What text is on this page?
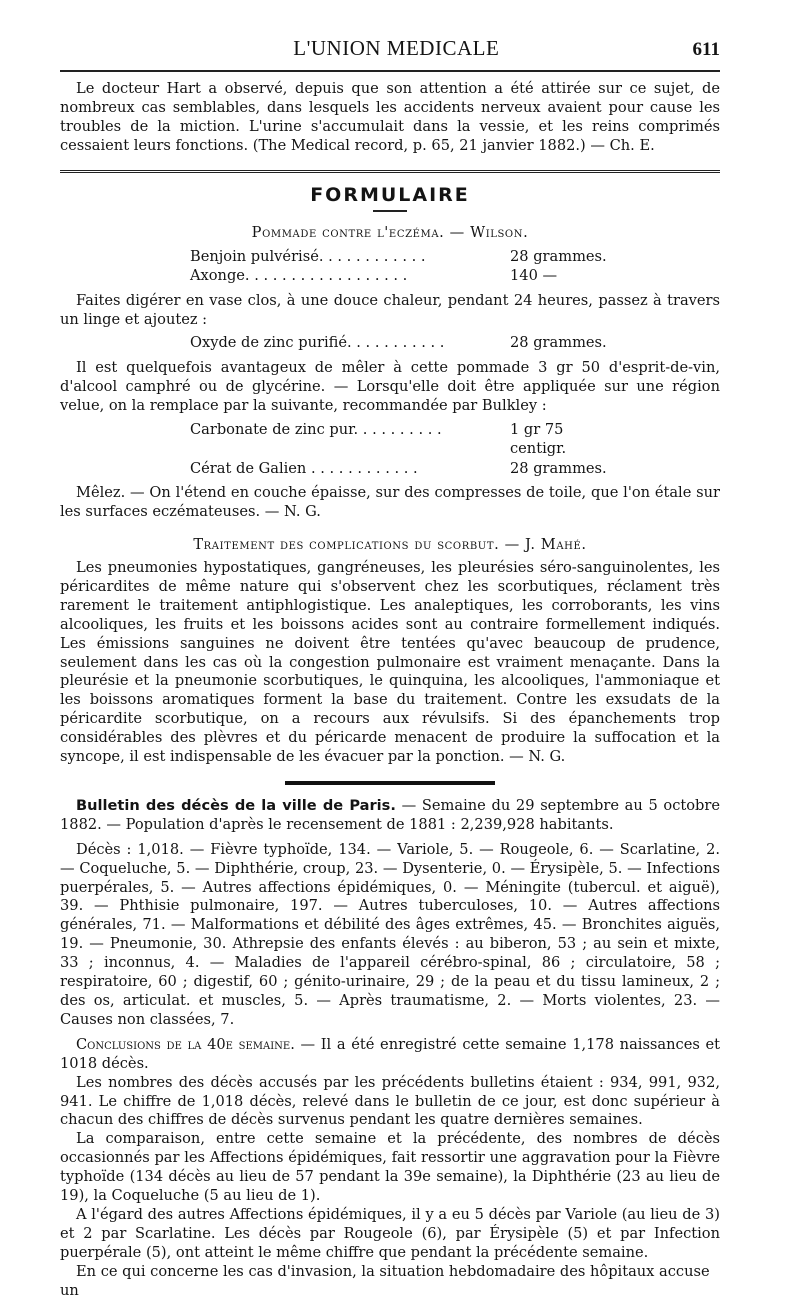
L'UNION MEDICALE	611

Le docteur Hart a observé, depuis que son attention a été attirée sur ce sujet, de nombreux cas semblables, dans lesquels les accidents nerveux avaient pour cause les troubles de la miction. L'urine s'accumulait dans la vessie, et les reins comprimés cessaient leurs fonctions. (The Medical record, p. 65, 21 janvier 1882.) — Ch. E.

FORMULAIRE
Pommade contre l'eczéma. — Wilson.
Benjoin pulvérisé. . . . . . . . . . . .	28 grammes.
Axonge. . . . . . . . . . . . . . . . . .	140 —

Faites digérer en vase clos, à une douce chaleur, pendant 24 heures, passez à travers un linge et ajoutez :

Oxyde de zinc purifié. . . . . . . . . . .	28 grammes.

Il est quelquefois avantageux de mêler à cette pommade 3 gr 50 d'esprit-de-vin, d'alcool camphré ou de glycérine. — Lorsqu'elle doit être appliquée sur une région velue, on la remplace par la suivante, recommandée par Bulkley :

Carbonate de zinc pur. . . . . . . . . .	1 gr 75 centigr.
Cérat de Galien . . . . . . . . . . . .	28 grammes.

Mêlez. — On l'étend en couche épaisse, sur des compresses de toile, que l'on étale sur les surfaces eczémateuses. — N. G.

Traitement des complications du scorbut. — J. Mahé.

Les pneumonies hypostatiques, gangréneuses, les pleurésies séro-sanguinolentes, les péricardites de même nature qui s'observent chez les scorbutiques, réclament très rarement le traitement antiphlogistique. Les analeptiques, les corroborants, les vins alcooliques, les fruits et les boissons acides sont au contraire formellement indiqués. Les émissions sanguines ne doivent être tentées qu'avec beaucoup de prudence, seulement dans les cas où la congestion pulmonaire est vraiment menaçante. Dans la pleurésie et la pneumonie scorbutiques, le quinquina, les alcooliques, l'ammoniaque et les boissons aromatiques forment la base du traitement. Contre les exsudats de la péricardite scorbutique, on a recours aux révulsifs. Si des épanchements trop considérables des plèvres et du péricarde menacent de produire la suffocation et la syncope, il est indispensable de les évacuer par la ponction. — N. G.

Bulletin des décès de la ville de Paris. — Semaine du 29 septembre au 5 octobre 1882. — Population d'après le recensement de 1881 : 2,239,928 habitants.

Décès : 1,018. — Fièvre typhoïde, 134. — Variole, 5. — Rougeole, 6. — Scarlatine, 2. — Coqueluche, 5. — Diphthérie, croup, 23. — Dysenterie, 0. — Érysipèle, 5. — Infections puerpérales, 5. — Autres affections épidémiques, 0. — Méningite (tubercul. et aiguë), 39. — Phthisie pulmonaire, 197. — Autres tuberculoses, 10. — Autres affections générales, 71. — Malformations et débilité des âges extrêmes, 45. — Bronchites aiguës, 19. — Pneumonie, 30. Athrepsie des enfants élevés : au biberon, 53 ; au sein et mixte, 33 ; inconnus, 4. — Maladies de l'appareil cérébro-spinal, 86 ; circulatoire, 58 ; respiratoire, 60 ; digestif, 60 ; génito-urinaire, 29 ; de la peau et du tissu lamineux, 2 ; des os, articulat. et muscles, 5. — Après traumatisme, 2. — Morts violentes, 23. — Causes non classées, 7.

Conclusions de la 40e semaine. — Il a été enregistré cette semaine 1,178 naissances et 1018 décès.

Les nombres des décès accusés par les précédents bulletins étaient : 934, 991, 932, 941. Le chiffre de 1,018 décès, relevé dans le bulletin de ce jour, est donc supérieur à chacun des chiffres de décès survenus pendant les quatre dernières semaines.

La comparaison, entre cette semaine et la précédente, des nombres de décès occasionnés par les Affections épidémiques, fait ressortir une aggravation pour la Fièvre typhoïde (134 décès au lieu de 57 pendant la 39e semaine), la Diphthérie (23 au lieu de 19), la Coqueluche (5 au lieu de 1).

A l'égard des autres Affections épidémiques, il y a eu 5 décès par Variole (au lieu de 3) et 2 par Scarlatine. Les décès par Rougeole (6), par Érysipèle (5) et par Infection puerpérale (5), ont atteint le même chiffre que pendant la précédente semaine.

En ce qui concerne les cas d'invasion, la situation hebdomadaire des hôpitaux accuse un
